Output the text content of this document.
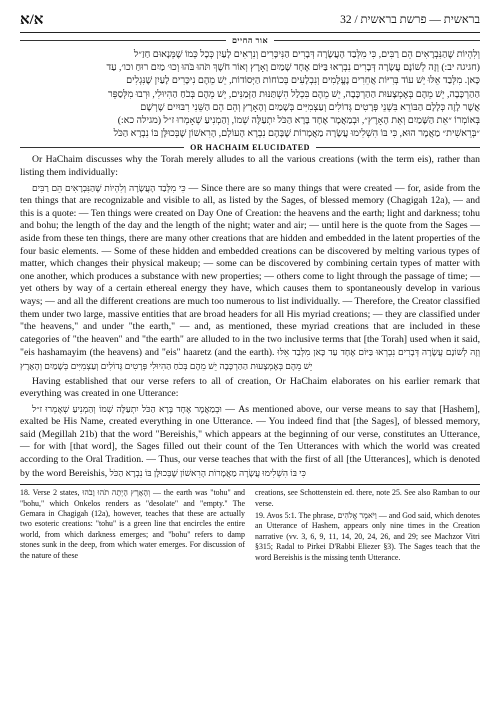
א/א	בראשית — פרשת בראשית / 32
אור החיים
וְלִהְיוֹת שֶׁהַנִּבְרָאִים הֵם רַבִּים, כִּי מִלְּבַד הָעֲשָׂרָה דְּבָרִים הַנִּיכָּרִים וְנִרְאִים לָעַיִן כְּכָל כְּמוֹ שֶׁמְּנָאוּם חַזַ״ל
(חגיגה יב:) וְזֶה לְשׁוֹנָם עֲשָׂרָה דְּבָרִים נִבְרְאוּ בַּיּוֹם אֶחָד שָׁמַיִם וָאָרֶץ וְאוֹר חֹשֶׁךְ תֹּהוּ בֹּהוּ וְכוּ׳ מַיִם רוּחַ וכו׳, עַד
כָּאן. מִלְּבַד אֵלּוּ יֵשׁ עוֹד בְּרִיּוֹת אֲחֵרִים נֶעֱלָמִים וְנִבְלָעִים בְּכוֹחוֹת הַיְּסוֹדוֹת, יֵשׁ מֵהֶם נִיכָּרִים לָעַיִן שֶׁנִּגְלִים
הַהַרְכָּבָה, יֵשׁ מֵהֶם בְּאֶמְצָעוּת הַהַרְכָּבָה, יֵשׁ מֵהֶם בִּכְלַל הִשְׁתַּנּוּת הַזְּמַנִּים, יֵשׁ מֵהֶם בְּכֹחַ הַהִיוּלִי, וּרְבוּ מִלְּסַפֵּר
אֲשֶׁר לָזֶה כְּלָלָם הַבּוֹרֵא בִּשְׁנֵי פְּרָטִים גְּדוֹלִים וְעַצְמִיִּים בְּשָׁמַיִם וְהָאָרֶץ וְהֵם הֵם הַשֵּׁנִי רִבּוּיִים שֶׁרְשָׁם
בְּאוֹמְרוֹ ״אֵת הַשָּׁמַיִם וְאֵת הָאָרֶץ״, וּבְמַאֲמָר אֶחָד בָּרָא הַכֹּל יִתְעַלֶּה שְׁמוֹ, וְהַמְנִיעַ שְׁאָמְרוּ ז״ל (מגילה כא:)
״בְּרֵאשִׁית״ מַאֲמָר הוּא, כִּי בּוֹ הִשְׁלִימוּ עֲשָׂרָה מַאֲמָרוֹת שֶׁבָּהֶם נִבְרָא הָעוֹלָם, הָרִאשׁוֹן שֶׁבְּכוּלָּן בּוֹ נִבְרָא הַכֹּל
OR HACHAIM ELUCIDATED

Or HaChaim discusses why the Torah merely alludes to all the various creations (with the term eis), rather than listing them individually:

כִּי מִלְּבַד הָעֲשָׂרָה וְלִהְיוֹת שֶׁהַנִּבְרָאִים הֵם רַבִּים	— Since there are so many things that were created — for, aside from the ten things that are recognizable and visible to all, as listed by the Sages, of blessed memory (Chagigah 12a), — and this is a quote: — Ten things were created on Day One of Creation: the heavens and the earth; light and darkness; tohu and bohu; the length of the day and the length of the night; water and air; — until here is the quote from the Sages — aside from these ten things, there are many other creations that are hidden and embedded in the latent properties of the four basic elements. — Some of these hidden and embedded creations can be discovered by melting various types of matter, which changes their physical makeup; — some can be discovered by combining certain types of matter with one another, which produces a substance with new properties; — others come to light through the passage of time; — yet others by way of a certain ethereal energy they have, which causes them to spontaneously develop in various ways; — and all the different creations are much too numerous to list individually. — Therefore, the Creator classified them under two large, massive entities that are broad headers for all His myriad creations; — they are classified under "the heavens," and under "the earth," — and, as mentioned, these myriad creations that are included in these categories of "the heaven" and "the earth" are alluded to in the two inclusive terms that [the Torah] used when it said, "eis hashamayim (the heavens) and "eis" haaretz (and the earth).	וְזֶה לְשׁוֹנָם עֲשָׂרָה דְּבָרִים נִבְרְאוּ בַּיּוֹם אֶחָד עַד כָּאן מִלְּבַד אֵלּוּ יֵשׁ מֵהֶם בְּאֶמְצָעוּת הַהַרְכָּבָה יֵשׁ מֵהֶם בְּכֹחַ הַהִיוּלִי פְּרָטִים גְּדוֹלִים וְעַצְמִיִּים בְּשָׁמַיִם וְהָאָרֶץ

Having established that our verse refers to all of creation, Or HaChaim elaborates on his earlier remark that everything was created in one Utterance:

וּבְמַאֲמָר אֶחָד בָּרָא הַכֹּל יִתְעַלֶּה שְׁמוֹ וְהַמְנִיעַ שְׁאָמְרוּ ז״ל	— As mentioned above, our verse means to say that [Hashem], exalted be His Name, created everything in one Utterance. — You indeed find that [the Sages], of blessed memory, said (Megillah 21b) that the word "Bereishis," which appears at the beginning of our verse, constitutes an Utterance, — for with [that word], the Sages filled out their count of the Ten Utterances with which the world was created according to the Oral Tradition. — Thus, our verse teaches that with the first of all [the Utterances], which is denoted by the word Bereishis,	כִּי בּוֹ הִשְׁלִימוּ עֲשָׂרָה מַאֲמָרוֹת הָרִאשׁוֹן שֶׁבְּכוּלָּן בּוֹ נִבְרָא הַכֹּל

18. Verse 2 states, וְהָאָרֶץ הָיְתָה תֹהוּ וָבֹהוּ — the earth was "tohu" and "bohu," which Onkelos renders as "desolate" and "empty." The Gemara in Chagigah (12a), however, teaches that these are actually two esoteric creations: "tohu" is a green line that encircles the entire world, from which darkness emerges; and "bohu" refers to damp stones sunk in the deep, from which water emerges. For discussion of the nature of these

creations, see Schottenstein ed. there, note 25. See also Ramban to our verse.

19. Avos 5:1. The phrase, וַיֹּאמֶר אֱלֹהִים — and God said, which denotes an Utterance of Hashem, appears only nine times in the Creation narrative (vv. 3, 6, 9, 11, 14, 20, 24, 26, and 29; see Machzor Vitri §315; Radal to Pirkei D'Rabbi Eliezer §3). The Sages teach that the word Bereishis is the missing tenth Utterance.
